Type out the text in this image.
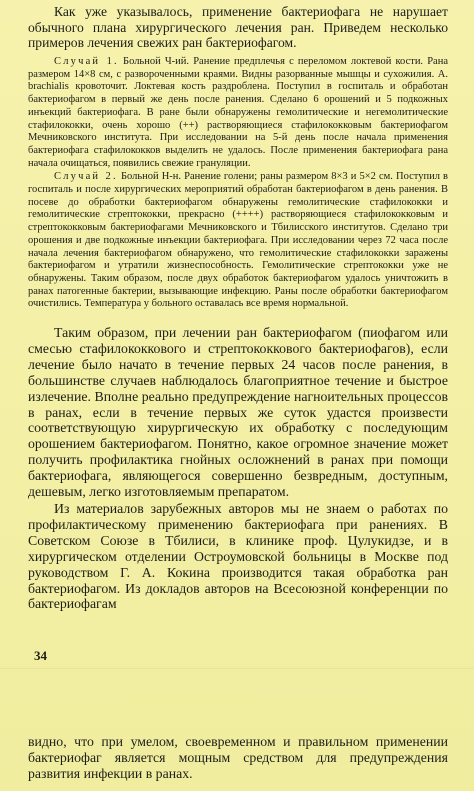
Как уже указывалось, применение бактериофага не нарушает обычного плана хирургического лечения ран. Приведем несколько примеров лечения свежих ран бактериофагом.

Случай 1. Больной Ч-ий. Ранение предплечья с переломом локтевой кости. Рана размером 14×8 см, с развороченными краями. Видны разорванные мышцы и сухожилия. A. brachialis кровоточит. Локтевая кость раздроблена. Поступил в госпиталь и обработан бактериофагом в первый же день после ранения. Сделано 6 орошений и 5 подкожных инъекций бактериофага. В ране были обнаружены гемолитические и негемолитические стафилококки, очень хорошо (++) растворяющиеся стафилококковым бактериофагом Мечниковского института. При исследовании на 5-й день после начала применения бактериофага стафилококков выделить не удалось. После применения бактериофага рана начала очищаться, появились свежие грануляции.

Случай 2. Больной Н-н. Ранение голени; раны размером 8×3 и 5×2 см. Поступил в госпиталь и после хирургических мероприятий обработан бактериофагом в день ранения. В посеве до обработки бактериофагом обнаружены гемолитические стафилококки и гемолитические стрептококки, прекрасно (++++) растворяющиеся стафилококковым и стрептококковым бактериофагами Мечниковского и Тбилисского институтов. Сделано три орошения и две подкожные инъекции бактериофага. При исследовании через 72 часа после начала лечения бактериофагом обнаружено, что гемолитические стафилококки заражены бактериофагом и утратили жизнеспособность. Гемолитические стрептококки уже не обнаружены. Таким образом, после двух обработок бактериофагом удалось уничтожить в ранах патогенные бактерии, вызывающие инфекцию. Раны после обработки бактериофагом очистились. Температура у больного оставалась все время нормальной.

Таким образом, при лечении ран бактериофагом (пиофагом или смесью стафилококкового и стрептококкового бактериофагов), если лечение было начато в течение первых 24 часов после ранения, в большинстве случаев наблюдалось благоприятное течение и быстрое излечение. Вполне реально предупреждение нагноительных процессов в ранах, если в течение первых же суток удастся произвести соответствующую хирургическую их обработку с последующим орошением бактериофагом. Понятно, какое огромное значение может получить профилактика гнойных осложнений в ранах при помощи бактериофага, являющегося совершенно безвредным, доступным, дешевым, легко изготовляемым препаратом.

Из материалов зарубежных авторов мы не знаем о работах по профилактическому применению бактериофага при ранениях. В Советском Союзе в Тбилиси, в клинике проф. Цулукидзе, и в хирургическом отделении Остроумовской больницы в Москве под руководством Г. А. Кокина производится такая обработка ран бактериофагом. Из докладов авторов на Всесоюзной конференции по бактериофагам

34

видно, что при умелом, своевременном и правильном применении бактериофаг является мощным средством для предупреждения развития инфекции в ранах.
